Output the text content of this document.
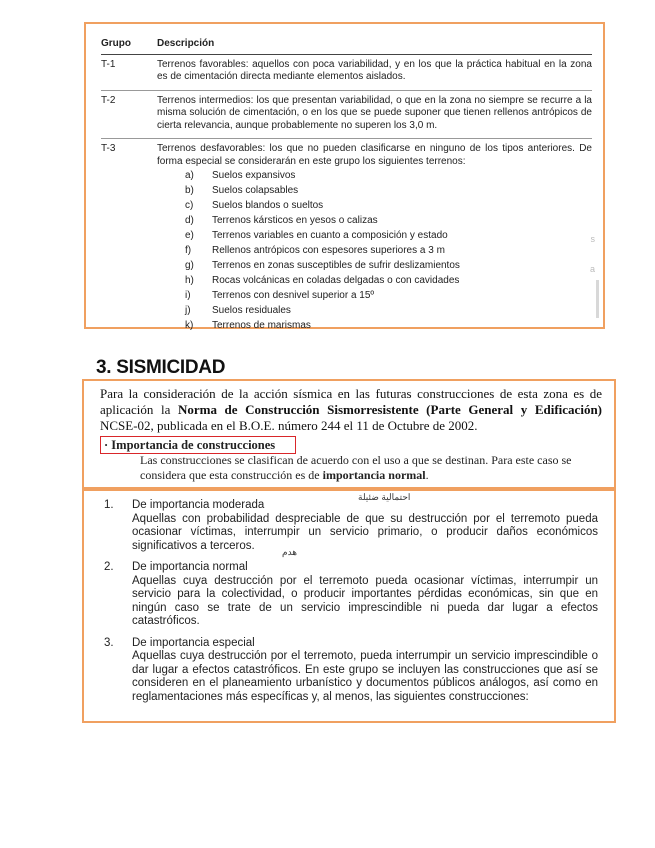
Grupo	Descripción
T-1	Terrenos favorables: aquellos con poca variabilidad, y en los que la práctica habitual en la zona es de cimentación directa mediante elementos aislados.
T-2	Terrenos intermedios: los que presentan variabilidad, o que en la zona no siempre se recurre a la misma solución de cimentación, o en los que se puede suponer que tienen rellenos antrópicos de cierta relevancia, aunque probablemente no superen los 3,0 m.
T-3	Terrenos desfavorables: los que no pueden clasificarse en ninguno de los tipos anteriores. De forma especial se considerarán en este grupo los siguientes terrenos:
a)	Suelos expansivos
b)	Suelos colapsables
c)	Suelos blandos o sueltos
d)	Terrenos kársticos en yesos o calizas
e)	Terrenos variables en cuanto a composición y estado
f)	Rellenos antrópicos con espesores superiores a 3 m
g)	Terrenos en zonas susceptibles de sufrir deslizamientos
h)	Rocas volcánicas en coladas delgadas o con cavidades
i)	Terrenos con desnivel superior a 15º
j)	Suelos residuales
k)	Terrenos de marismas
s
a
3. SISMICIDAD
Para la consideración de la acción sísmica en las futuras construcciones de esta zona es de aplicación la Norma de Construcción Sismorresistente (Parte General y Edificación) NCSE-02, publicada en el B.O.E. número 244 el 11 de Octubre de 2002.
· Importancia de construcciones
Las construcciones se clasifican de acuerdo con el uso a que se destinan. Para este caso se considera que esta construcción es de importancia normal.
احتمالية ضئيلة
هدم
1.	De importancia moderada
Aquellas con probabilidad despreciable de que su destrucción por el terremoto pueda ocasionar víctimas, interrumpir un servicio primario, o producir daños económicos significativos a terceros.
2.	De importancia normal
Aquellas cuya destrucción por el terremoto pueda ocasionar víctimas, interrumpir un servicio para la colectividad, o producir importantes pérdidas económicas, sin que en ningún caso se trate de un servicio imprescindible ni pueda dar lugar a efectos catastróficos.
3.	De importancia especial
Aquellas cuya destrucción por el terremoto, pueda interrumpir un servicio imprescindible o dar lugar a efectos catastróficos. En este grupo se incluyen las construcciones que así se consideren en el planeamiento urbanístico y documentos públicos análogos, así como en reglamentaciones más específicas y, al menos, las siguientes construcciones:
